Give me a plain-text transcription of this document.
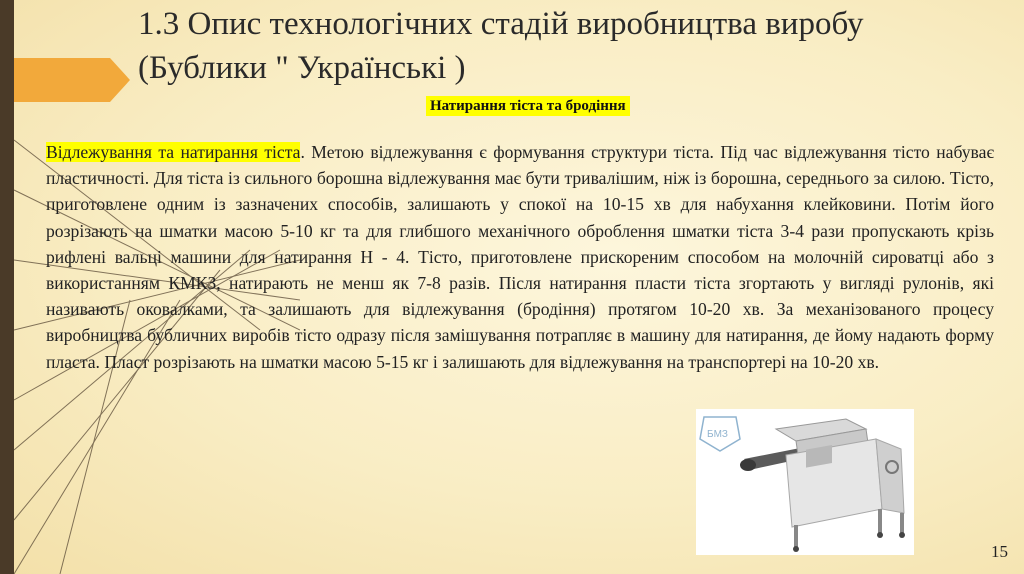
1.3 Опис технологічних стадій виробництва виробу (Бублики " Українські )
Натирання тіста та бродіння

Відлежування та натирання тіста. Метою відлежування є формування структури тіста. Під час відлежування тісто набуває пластичності. Для тіста із сильного борошна відлежування має бути тривалішим, ніж із борошна, середнього за силою. Тісто, приготовлене одним із зазначених способів, залишають у спокої на 10-15 хв для набухання клейковини. Потім його розрізають на шматки масою 5-10 кг та для глибшого механічного оброблення шматки тіста 3-4 рази пропускають крізь рифлені вальці машини для натирання Н - 4. Тісто, приготовлене прискореним способом на молочній сироватці або з використанням КМКЗ, натирають не менш як 7-8 разів. Після натирання пласти тіста згортають у вигляді рулонів, які називають оковалками, та залишають для відлежування (бродіння) протягом 10-20 хв. За механізованого процесу виробництва бубличних виробів тісто одразу після замішування потрапляє в машину для натирання, де йому надають форму пласта. Пласт розрізають на шматки масою 5-15 кг і залишають для відлежування на транспортері на 10-20 хв.

БМЗ
15
